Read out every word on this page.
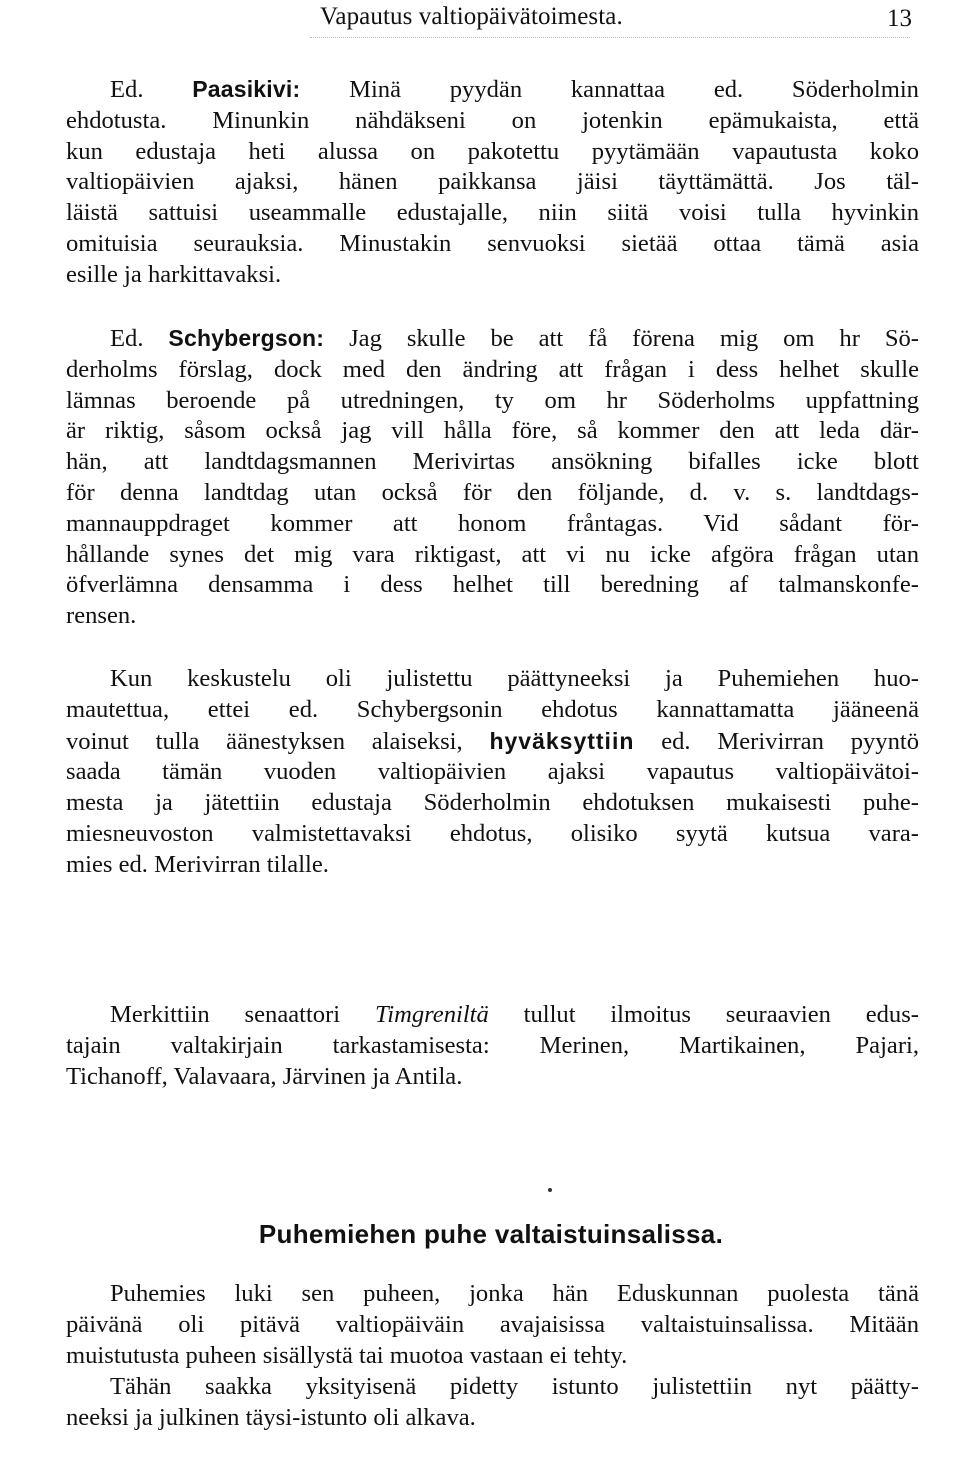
Vapautus valtiopäivätoimesta.	13
Ed. Paasikivi: Minä pyydän kannattaa ed. Söderholmin
ehdotusta. Minunkin nähdäkseni on jotenkin epämukaista, että
kun edustaja heti alussa on pakotettu pyytämään vapautusta koko
valtiopäivien ajaksi, hänen paikkansa jäisi täyttämättä. Jos täl-
läistä sattuisi useammalle edustajalle, niin siitä voisi tulla hyvinkin
omituisia seurauksia. Minustakin senvuoksi sietää ottaa tämä asia
esille ja harkittavaksi.
Ed. Schybergson: Jag skulle be att få förena mig om hr Sö-
derholms förslag, dock med den ändring att frågan i dess helhet skulle
lämnas beroende på utredningen, ty om hr Söderholms uppfattning
är riktig, såsom också jag vill hålla före, så kommer den att leda där-
hän, att landtdagsmannen Merivirtas ansökning bifalles icke blott
för denna landtdag utan också för den följande, d. v. s. landtdags-
mannauppdraget kommer att honom fråntagas. Vid sådant för-
hållande synes det mig vara riktigast, att vi nu icke afgöra frågan utan
öfverlämna densamma i dess helhet till beredning af talmanskonfe-
rensen.
Kun keskustelu oli julistettu päättyneeksi ja Puhemiehen huo-
mautettua, ettei ed. Schybergsonin ehdotus kannattamatta jääneenä
voinut tulla äänestyksen alaiseksi, hyväksyttiin ed. Merivirran pyyntö
saada tämän vuoden valtiopäivien ajaksi vapautus valtiopäivätoi-
mesta ja jätettiin edustaja Söderholmin ehdotuksen mukaisesti puhe-
miesneuvoston valmistettavaksi ehdotus, olisiko syytä kutsua vara-
mies ed. Merivirran tilalle.
Merkittiin senaattori Timgreniltä tullut ilmoitus seuraavien edus-
tajain valtakirjain tarkastamisesta: Merinen, Martikainen, Pajari,
Tichanoff, Valavaara, Järvinen ja Antila.
Puhemiehen puhe valtaistuinsalissa.
Puhemies luki sen puheen, jonka hän Eduskunnan puolesta tänä
päivänä oli pitävä valtiopäiväin avajaisissa valtaistuinsalissa. Mitään
muistutusta puheen sisällystä tai muotoa vastaan ei tehty.
Tähän saakka yksityisenä pidetty istunto julistettiin nyt päätty-
neeksi ja julkinen täysi-istunto oli alkava.
